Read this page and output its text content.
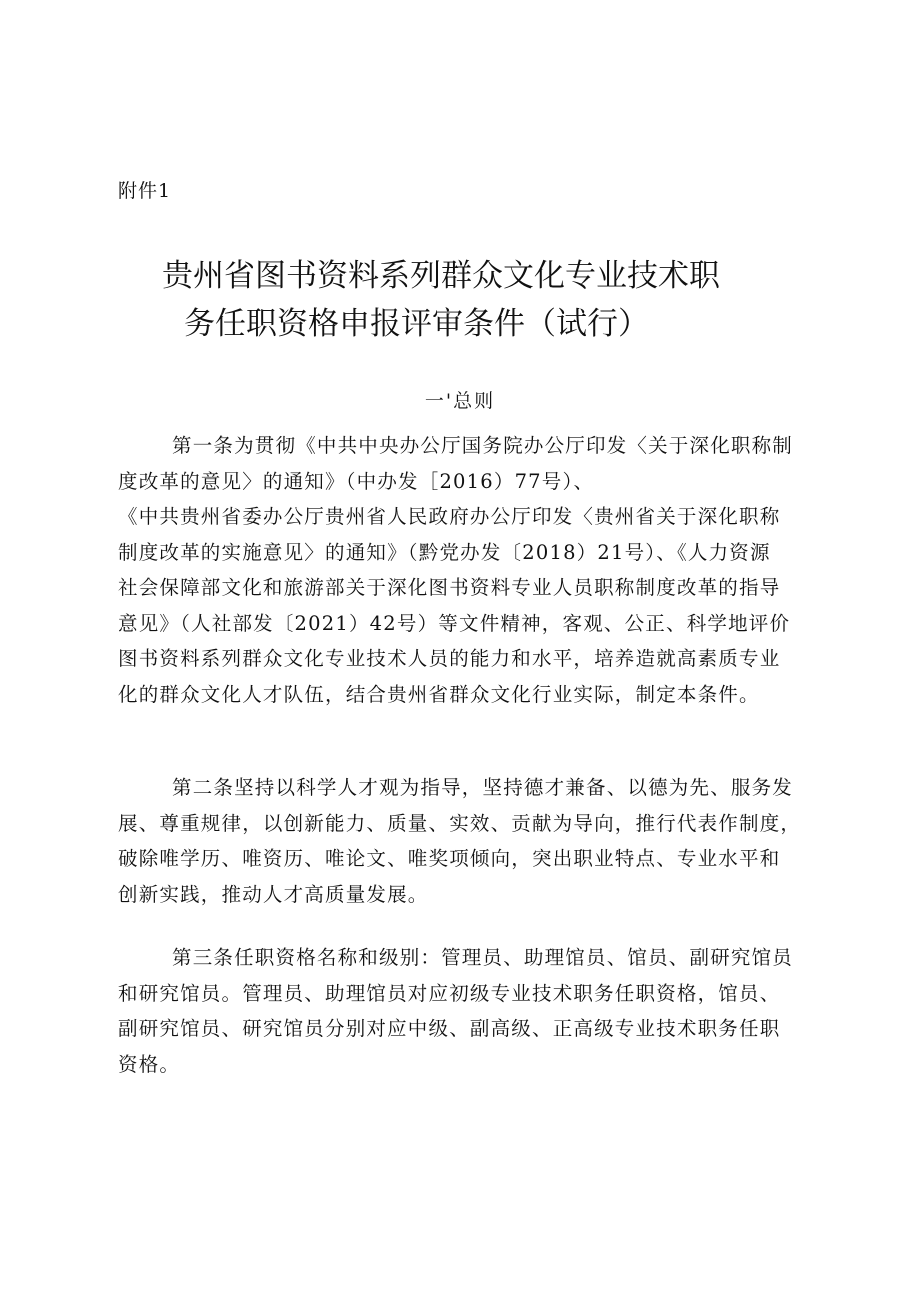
附件1
贵州省图书资料系列群众文化专业技术职
务任职资格申报评审条件（试行）
一'总则
第一条为贯彻《中共中央办公厅国务院办公厅印发〈关于深化职称制
度改革的意见〉的通知》（中办发［2016）77号）、
《中共贵州省委办公厅贵州省人民政府办公厅印发〈贵州省关于深化职称
制度改革的实施意见〉的通知》（黔党办发〔2018）21号）、《人力资源
社会保障部文化和旅游部关于深化图书资料专业人员职称制度改革的指导
意见》（人社部发〔2021）42号）等文件精神，客观、公正、科学地评价
图书资料系列群众文化专业技术人员的能力和水平，培养造就高素质专业
化的群众文化人才队伍，结合贵州省群众文化行业实际，制定本条件。
第二条坚持以科学人才观为指导，坚持德才兼备、以德为先、服务发
展、尊重规律，以创新能力、质量、实效、贡献为导向，推行代表作制度，
破除唯学历、唯资历、唯论文、唯奖项倾向，突出职业特点、专业水平和
创新实践，推动人才高质量发展。
第三条任职资格名称和级别：管理员、助理馆员、馆员、副研究馆员
和研究馆员。管理员、助理馆员对应初级专业技术职务任职资格，馆员、
副研究馆员、研究馆员分别对应中级、副高级、正高级专业技术职务任职
资格。
